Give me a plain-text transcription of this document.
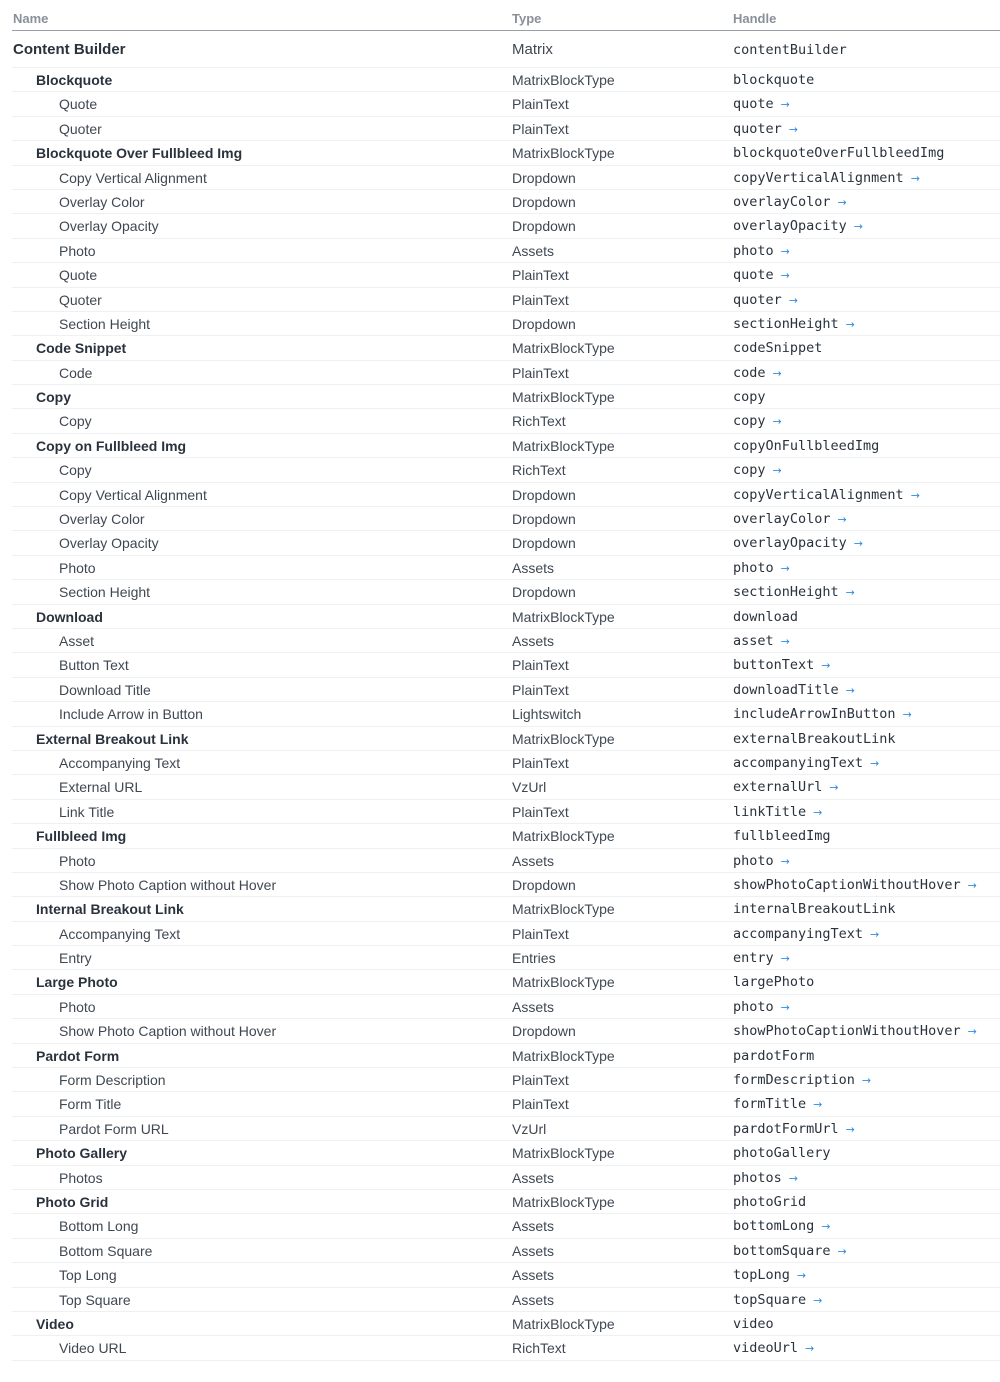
Name	Type	Handle
Content Builder	Matrix	contentBuilder
Blockquote	MatrixBlockType	blockquote
Quote	PlainText	quote →
Quoter	PlainText	quoter →
Blockquote Over Fullbleed Img	MatrixBlockType	blockquoteOverFullbleedImg
Copy Vertical Alignment	Dropdown	copyVerticalAlignment →
Overlay Color	Dropdown	overlayColor →
Overlay Opacity	Dropdown	overlayOpacity →
Photo	Assets	photo →
Quote	PlainText	quote →
Quoter	PlainText	quoter →
Section Height	Dropdown	sectionHeight →
Code Snippet	MatrixBlockType	codeSnippet
Code	PlainText	code →
Copy	MatrixBlockType	copy
Copy	RichText	copy →
Copy on Fullbleed Img	MatrixBlockType	copyOnFullbleedImg
Copy	RichText	copy →
Copy Vertical Alignment	Dropdown	copyVerticalAlignment →
Overlay Color	Dropdown	overlayColor →
Overlay Opacity	Dropdown	overlayOpacity →
Photo	Assets	photo →
Section Height	Dropdown	sectionHeight →
Download	MatrixBlockType	download
Asset	Assets	asset →
Button Text	PlainText	buttonText →
Download Title	PlainText	downloadTitle →
Include Arrow in Button	Lightswitch	includeArrowInButton →
External Breakout Link	MatrixBlockType	externalBreakoutLink
Accompanying Text	PlainText	accompanyingText →
External URL	VzUrl	externalUrl →
Link Title	PlainText	linkTitle →
Fullbleed Img	MatrixBlockType	fullbleedImg
Photo	Assets	photo →
Show Photo Caption without Hover	Dropdown	showPhotoCaptionWithoutHover →
Internal Breakout Link	MatrixBlockType	internalBreakoutLink
Accompanying Text	PlainText	accompanyingText →
Entry	Entries	entry →
Large Photo	MatrixBlockType	largePhoto
Photo	Assets	photo →
Show Photo Caption without Hover	Dropdown	showPhotoCaptionWithoutHover →
Pardot Form	MatrixBlockType	pardotForm
Form Description	PlainText	formDescription →
Form Title	PlainText	formTitle →
Pardot Form URL	VzUrl	pardotFormUrl →
Photo Gallery	MatrixBlockType	photoGallery
Photos	Assets	photos →
Photo Grid	MatrixBlockType	photoGrid
Bottom Long	Assets	bottomLong →
Bottom Square	Assets	bottomSquare →
Top Long	Assets	topLong →
Top Square	Assets	topSquare →
Video	MatrixBlockType	video
Video URL	RichText	videoUrl →
